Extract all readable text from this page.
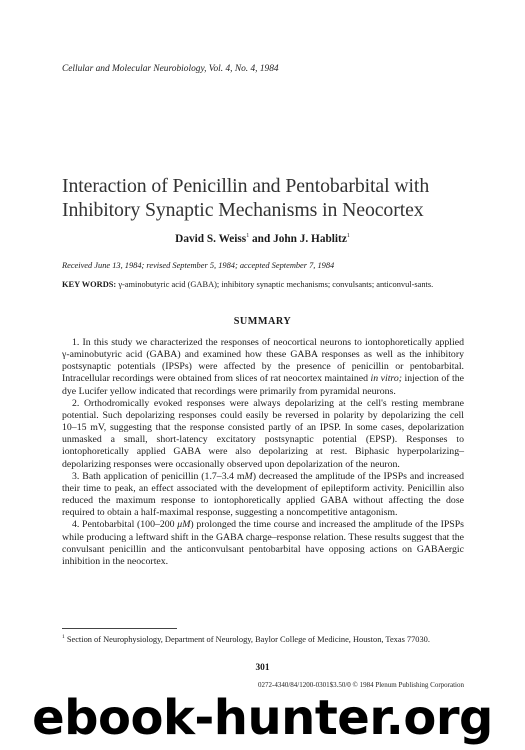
Cellular and Molecular Neurobiology, Vol. 4, No. 4, 1984
Interaction of Penicillin and Pentobarbital with
Inhibitory Synaptic Mechanisms in Neocortex
David S. Weiss$^1$ and John J. Hablitz$^1$
Received June 13, 1984; revised September 5, 1984; accepted September 7, 1984
KEY WORDS: γ-aminobutyric acid (GABA); inhibitory synaptic mechanisms; convulsants; anticonvul-sants.
SUMMARY

1. In this study we characterized the responses of neocortical neurons to iontophoretically applied γ-aminobutyric acid (GABA) and examined how these GABA responses as well as the inhibitory postsynaptic potentials (IPSPs) were affected by the presence of penicillin or pentobarbital. Intracellular recordings were obtained from slices of rat neocortex maintained in vitro; injection of the dye Lucifer yellow indicated that recordings were primarily from pyramidal neurons.

2. Orthodromically evoked responses were always depolarizing at the cell's resting membrane potential. Such depolarizing responses could easily be reversed in polarity by depolarizing the cell 10–15 mV, suggesting that the response consisted partly of an IPSP. In some cases, depolarization unmasked a small, short-latency excitatory postsynaptic potential (EPSP). Responses to iontophoretically applied GABA were also depolarizing at rest. Biphasic hyperpolarizing–depolarizing responses were occasionally observed upon depolarization of the neuron.

3. Bath application of penicillin (1.7–3.4 mM) decreased the amplitude of the IPSPs and increased their time to peak, an effect associated with the development of epileptiform activity. Penicillin also reduced the maximum response to iontophoretically applied GABA without affecting the dose required to obtain a half-maximal response, suggesting a noncompetitive antagonism.

4. Pentobarbital (100–200 μM) prolonged the time course and increased the amplitude of the IPSPs while producing a leftward shift in the GABA charge–response relation. These results suggest that the convulsant penicillin and the anticonvulsant pentobarbital have opposing actions on GABAergic inhibition in the neocortex.

$^1$ Section of Neurophysiology, Department of Neurology, Baylor College of Medicine, Houston, Texas 77030.
301
0272-4340/84/1200-0301$3.50/0 © 1984 Plenum Publishing Corporation
ebook-hunter.org
